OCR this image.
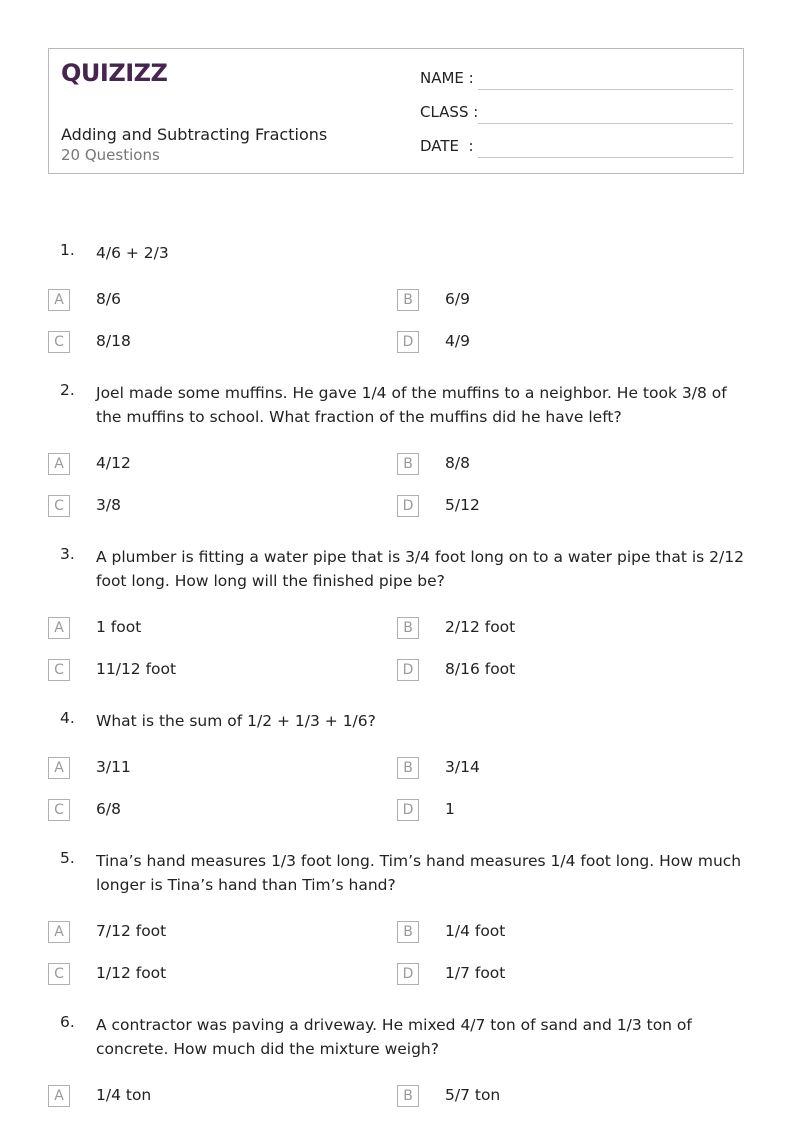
QUIZIZZ
Adding and Subtracting Fractions
20 Questions
NAME :
CLASS :
DATE  :
1. 4/6 + 2/3
A	8/6	B	6/9
C	8/18	D	4/9
2. Joel made some muffins. He gave 1/4 of the muffins to a neighbor. He took 3/8 of the muffins to school. What fraction of the muffins did he have left?
A	4/12	B	8/8
C	3/8	D	5/12
3. A plumber is fitting a water pipe that is 3/4 foot long on to a water pipe that is 2/12 foot long. How long will the finished pipe be?
A	1 foot	B	2/12 foot
C	11/12 foot	D	8/16 foot
4. What is the sum of 1/2 + 1/3 + 1/6?
A	3/11	B	3/14
C	6/8	D	1
5. Tina’s hand measures 1/3 foot long. Tim’s hand measures 1/4 foot long. How much longer is Tina’s hand than Tim’s hand?
A	7/12 foot	B	1/4 foot
C	1/12 foot	D	1/7 foot
6. A contractor was paving a driveway. He mixed 4/7 ton of sand and 1/3 ton of concrete. How much did the mixture weigh?
A	1/4 ton	B	5/7 ton
